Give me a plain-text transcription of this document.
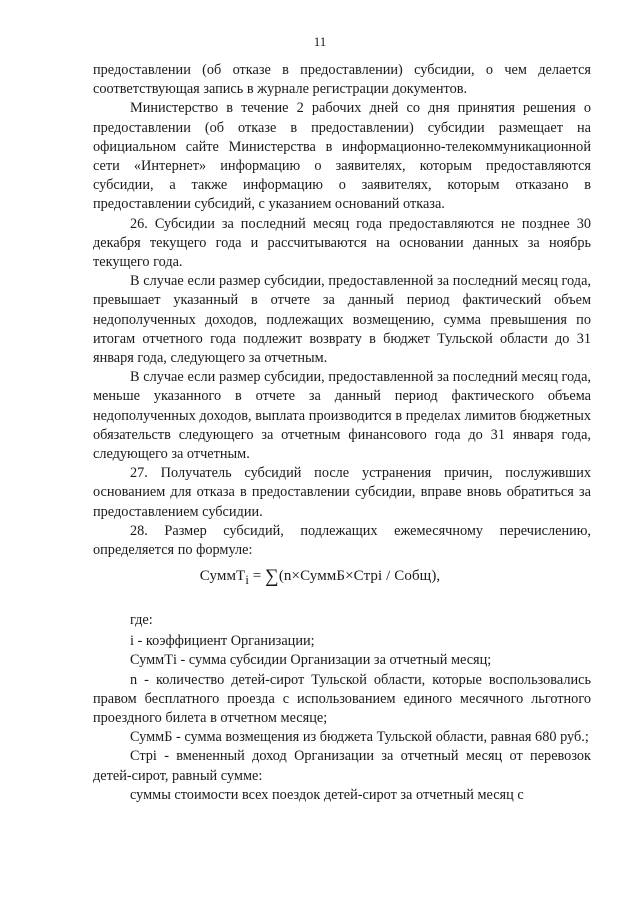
11

предоставлении (об отказе в предоставлении) субсидии, о чем делается соответствующая запись в журнале регистрации документов.

Министерство в течение 2 рабочих дней со дня принятия решения о предоставлении (об отказе в предоставлении) субсидии размещает на официальном сайте Министерства в информационно-телекоммуникационной сети «Интернет» информацию о заявителях, которым предоставляются субсидии, а также информацию о заявителях, которым отказано в предоставлении субсидий, с указанием оснований отказа.

26. Субсидии за последний месяц года предоставляются не позднее 30 декабря текущего года и рассчитываются на основании данных за ноябрь текущего года.

В случае если размер субсидии, предоставленной за последний месяц года, превышает указанный в отчете за данный период фактический объем недополученных доходов, подлежащих возмещению, сумма превышения по итогам отчетного года подлежит возврату в бюджет Тульской области до 31 января года, следующего за отчетным.

В случае если размер субсидии, предоставленной за последний месяц года, меньше указанного в отчете за данный период фактического объема недополученных доходов, выплата производится в пределах лимитов бюджетных обязательств следующего за отчетным финансового года до 31 января года, следующего за отчетным.

27. Получатель субсидий после устранения причин, послуживших основанием для отказа в предоставлении субсидии, вправе вновь обратиться за предоставлением субсидии.

28. Размер субсидий, подлежащих ежемесячному перечислению, определяется по формуле:

СуммТ$_i$ = ∑(n×СуммБ×Стрi / Собщ),

где:

i - коэффициент Организации;

СуммТi - сумма субсидии Организации за отчетный месяц;

n - количество детей-сирот Тульской области, которые воспользовались правом бесплатного проезда с использованием единого месячного льготного проездного билета в отчетном месяце;

СуммБ - сумма возмещения из бюджета Тульской области, равная 680 руб.;

Стрi - вмененный доход Организации за отчетный месяц от перевозок детей-сирот, равный сумме:

суммы стоимости всех поездок детей-сирот за отчетный месяц с
